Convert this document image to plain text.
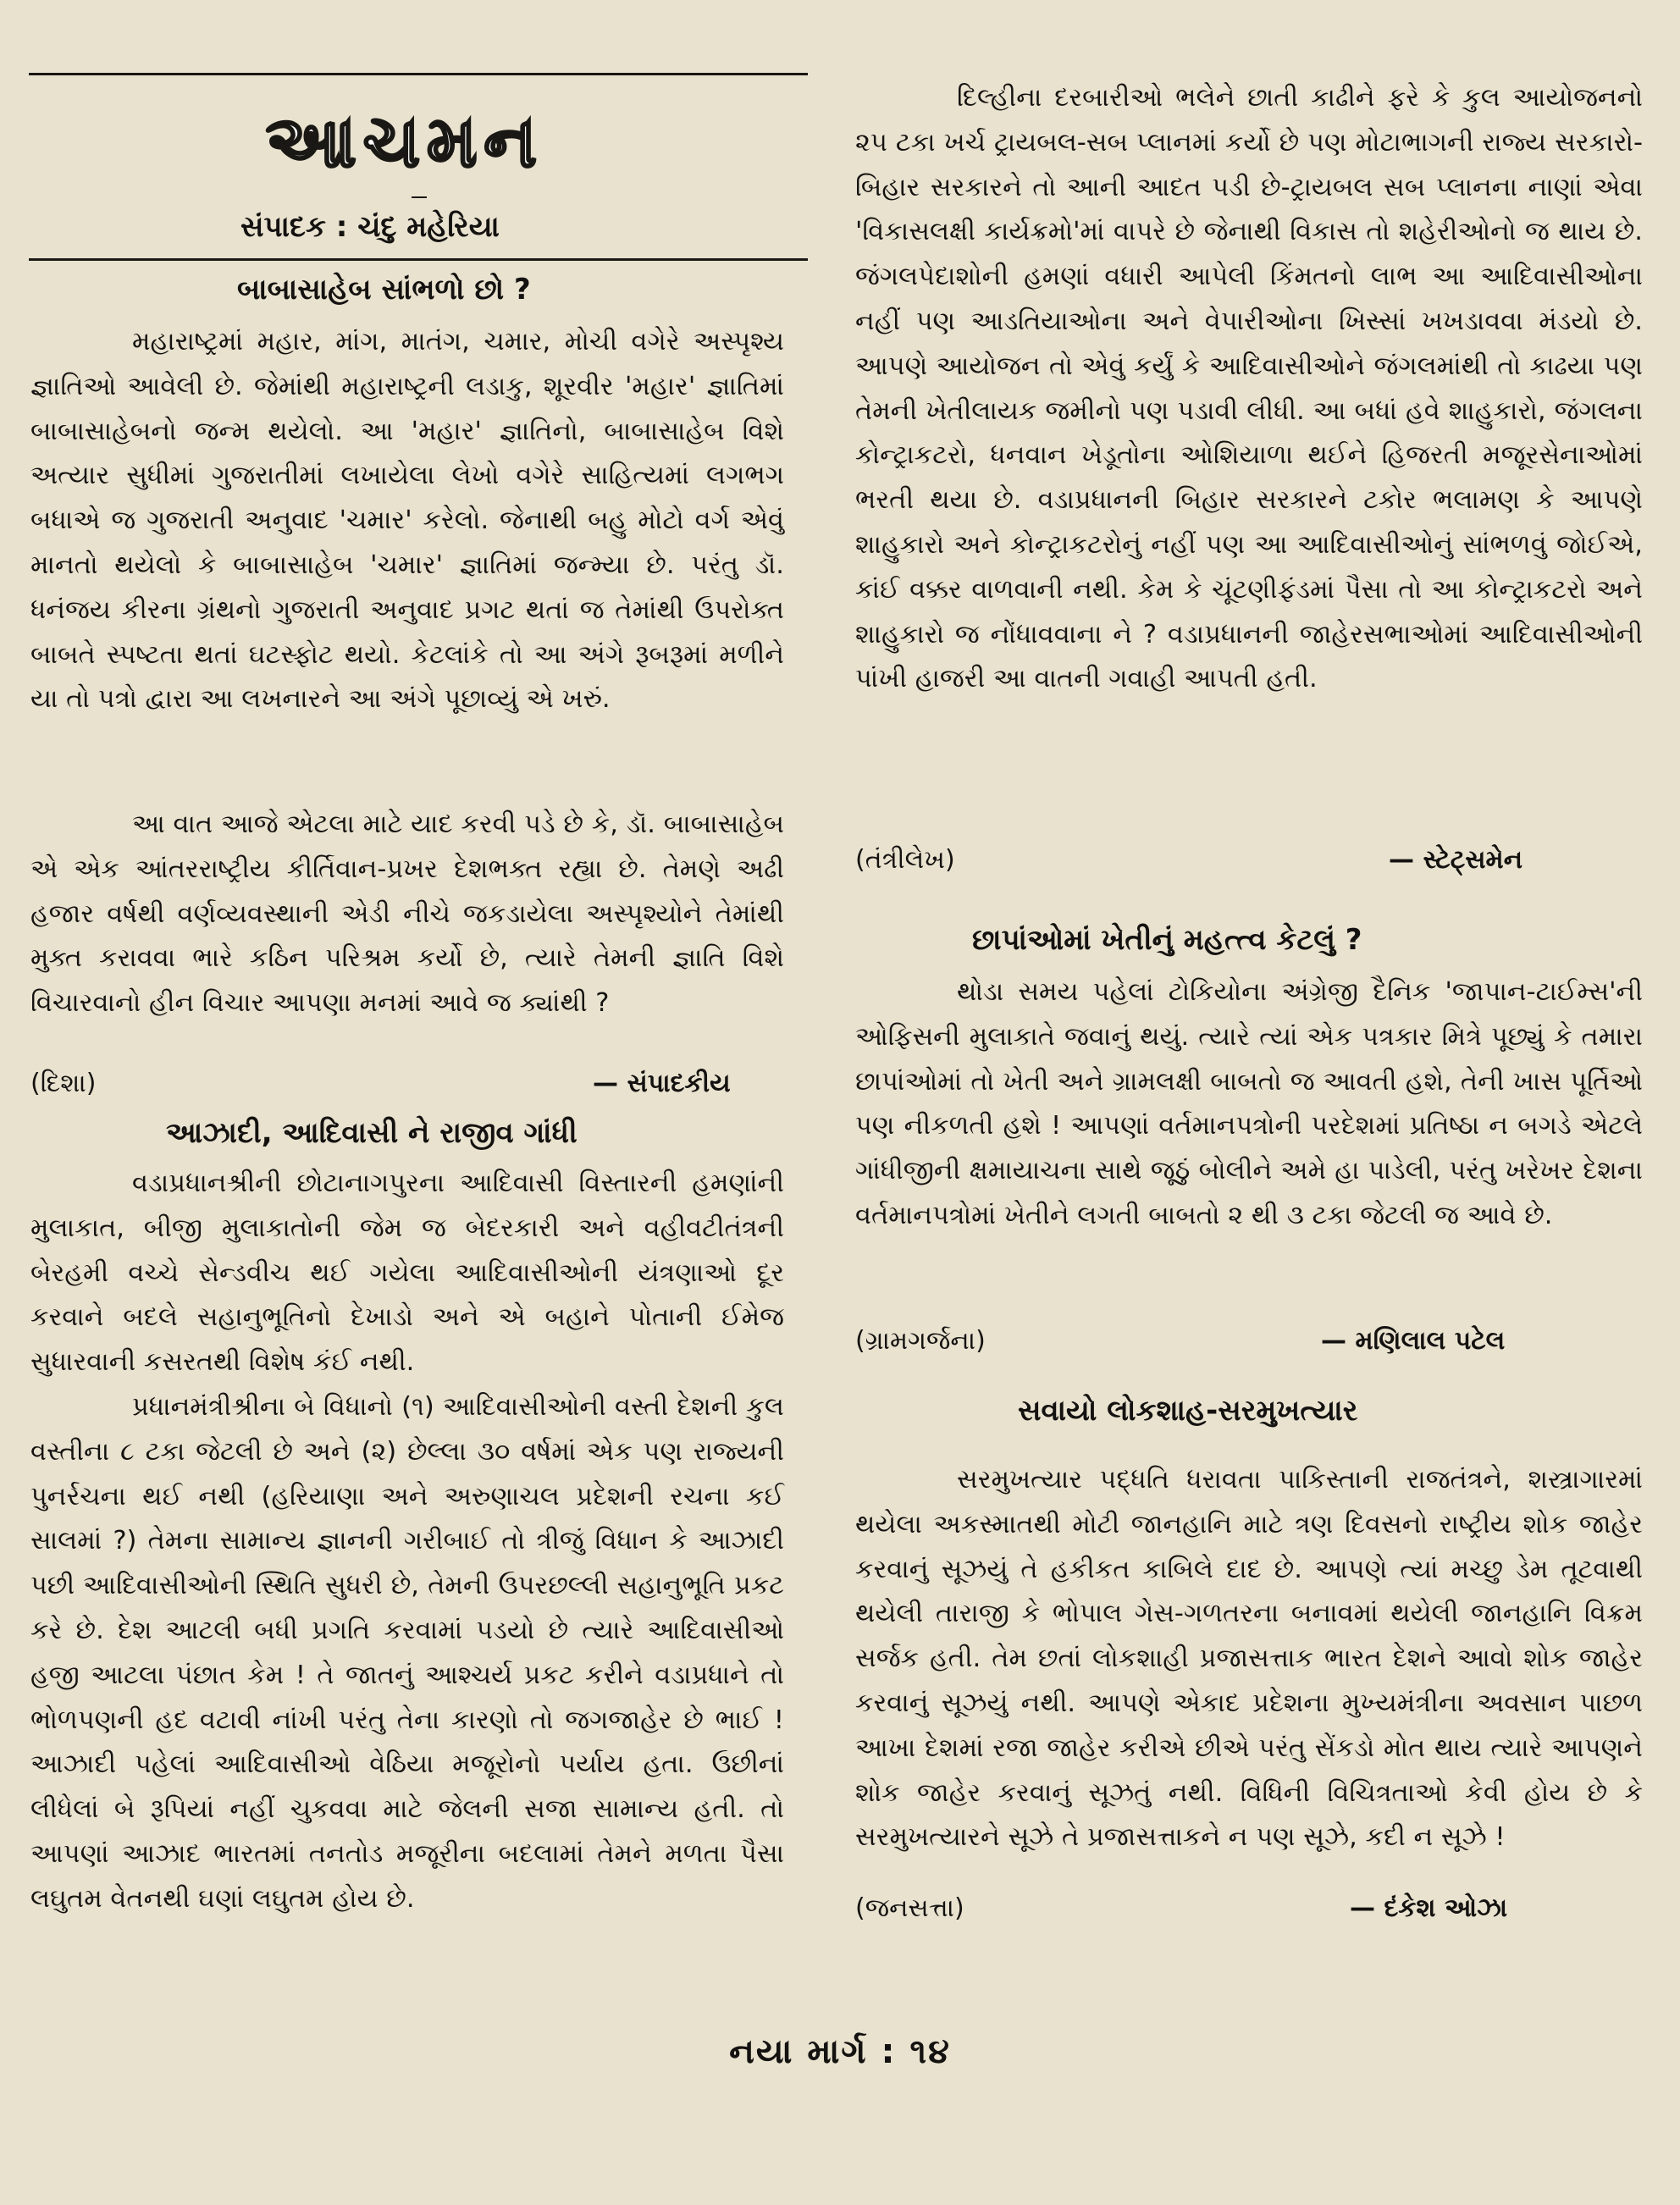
આચમન
સંપાદક : ચંદુ મહેરિયા
બાબાસાહેબ સાંભળો છો ?
મહારાષ્ટ્રમાં મહાર, માંગ, માતંગ, ચમાર, મોચી વગેરે અસ્પૃશ્ય જ્ઞાતિઓ આવેલી છે. જેમાંથી મહારાષ્ટ્રની લડાકુ, શૂરવીર 'મહાર' જ્ઞાતિમાં બાબાસાહેબનો જન્મ થયેલો. આ 'મહાર' જ્ઞાતિનો, બાબાસાહેબ વિશે અત્યાર સુધીમાં ગુજરાતીમાં લખાયેલા લેખો વગેરે સાહિત્યમાં લગભગ બધાએ જ ગુજરાતી અનુવાદ 'ચમાર' કરેલો. જેનાથી બહુ મોટો વર્ગ એવું માનતો થયેલો કે બાબાસાહેબ 'ચમાર' જ્ઞાતિમાં જન્મ્યા છે. પરંતુ ડૉ. ધનંજય કીરના ગ્રંથનો ગુજરાતી અનુવાદ પ્રગટ થતાં જ તેમાંથી ઉપરોક્ત બાબતે સ્પષ્ટતા થતાં ઘટસ્ફોટ થયો. કેટલાંકે તો આ અંગે રૂબરૂમાં મળીને યા તો પત્રો દ્વારા આ લખનારને આ અંગે પૂછાવ્યું એ ખરું.
આ વાત આજે એટલા માટે યાદ કરવી પડે છે કે, ડૉ. બાબાસાહેબ એ એક આંતરરાષ્ટ્રીય કીર્તિવાન-પ્રખર દેશભક્ત રહ્યા છે. તેમણે અઢી હજાર વર્ષથી વર્ણવ્યવસ્થાની એડી નીચે જકડાયેલા અસ્પૃશ્યોને તેમાંથી મુક્ત કરાવવા ભારે કઠિન પરિશ્રમ કર્યો છે, ત્યારે તેમની જ્ઞાતિ વિશે વિચારવાનો હીન વિચાર આપણા મનમાં આવે જ ક્યાંથી ?
(દિશા)	— સંપાદકીય
આઝાદી, આદિવાસી ને રાજીવ ગાંધી
વડાપ્રધાનશ્રીની છોટાનાગપુરના આદિવાસી વિસ્તારની હમણાંની મુલાકાત, બીજી મુલાકાતોની જેમ જ બેદરકારી અને વહીવટીતંત્રની બેરહમી વચ્ચે સેન્ડવીચ થઈ ગયેલા આદિવાસીઓની યંત્રણાઓ દૂર કરવાને બદલે સહાનુભૂતિનો દેખાડો અને એ બહાને પોતાની ઈમેજ સુધારવાની કસરતથી વિશેષ કંઈ નથી.
પ્રધાનમંત્રીશ્રીના બે વિધાનો (૧) આદિવાસીઓની વસ્તી દેશની કુલ વસ્તીના ૮ ટકા જેટલી છે અને (૨) છેલ્લા ૩૦ વર્ષમાં એક પણ રાજ્યની પુનર્રચના થઈ નથી (હરિયાણા અને અરુણાચલ પ્રદેશની રચના કઈ સાલમાં ?) તેમના સામાન્ય જ્ઞાનની ગરીબાઈ તો ત્રીજું વિધાન કે આઝાદી પછી આદિવાસીઓની સ્થિતિ સુધરી છે, તેમની ઉપરછલ્લી સહાનુભૂતિ પ્રકટ કરે છે. દેશ આટલી બધી પ્રગતિ કરવામાં પડયો છે ત્યારે આદિવાસીઓ હજી આટલા પંછાત કેમ ! તે જાતનું આશ્ચર્ય પ્રકટ કરીને વડાપ્રધાને તો ભોળપણની હદ વટાવી નાંખી પરંતુ તેના કારણો તો જગજાહેર છે ભાઈ ! આઝાદી પહેલાં આદિવાસીઓ વેઠિયા મજૂરોનો પર્યાય હતા. ઉછીનાં લીધેલાં બે રૂપિયાં નહીં ચુકવવા માટે જેલની સજા સામાન્ય હતી. તો આપણાં આઝાદ ભારતમાં તનતોડ મજૂરીના બદલામાં તેમને મળતા પૈસા લઘુતમ વેતનથી ઘણાં લઘુતમ હોય છે.
દિલ્હીના દરબારીઓ ભલેને છાતી કાઢીને ફરે કે કુલ આયોજનનો ૨૫ ટકા ખર્ચ ટ્રાયબલ-સબ પ્લાનમાં કર્યો છે પણ મોટાભાગની રાજ્ય સરકારો-બિહાર સરકારને તો આની આદત પડી છે-ટ્રાયબલ સબ પ્લાનના નાણાં એવા 'વિકાસલક્ષી કાર્યક્રમો'માં વાપરે છે જેનાથી વિકાસ તો શહેરીઓનો જ થાય છે. જંગલપેદાશોની હમણાં વધારી આપેલી કિંમતનો લાભ આ આદિવાસીઓના નહીં પણ આડતિયાઓના અને વેપારીઓના ખિસ્સાં ખખડાવવા મંડયો છે. આપણે આયોજન તો એવું કર્યું કે આદિવાસીઓને જંગલમાંથી તો કાઢયા પણ તેમની ખેતીલાયક જમીનો પણ પડાવી લીધી. આ બધાં હવે શાહુકારો, જંગલના કોન્ટ્રાકટરો, ધનવાન ખેડૂતોના ઓશિયાળા થઈને હિજરતી મજૂરસેનાઓમાં ભરતી થયા છે. વડાપ્રધાનની બિહાર સરકારને ટકોર ભલામણ કે આપણે શાહુકારો અને કોન્ટ્રાકટરોનું નહીં પણ આ આદિવાસીઓનું સાંભળવું જોઈએ, કાંઈ વક્કર વાળવાની નથી. કેમ કે ચૂંટણીફંડમાં પૈસા તો આ કોન્ટ્રાકટરો અને શાહુકારો જ નોંધાવવાના ને ? વડાપ્રધાનની જાહેરસભાઓમાં આદિવાસીઓની પાંખી હાજરી આ વાતની ગવાહી આપતી હતી.
(તંત્રીલેખ)	— સ્ટેટ્સમેન
છાપાંઓમાં ખેતીનું મહત્ત્વ કેટલું ?
થોડા સમય પહેલાં ટોકિયોના અંગ્રેજી દૈનિક 'જાપાન-ટાઈમ્સ'ની ઓફિસની મુલાકાતે જવાનું થયું. ત્યારે ત્યાં એક પત્રકાર મિત્રે પૂછ્યું કે તમારા છાપાંઓમાં તો ખેતી અને ગ્રામલક્ષી બાબતો જ આવતી હશે, તેની ખાસ પૂર્તિઓ પણ નીકળતી હશે ! આપણાં વર્તમાનપત્રોની પરદેશમાં પ્રતિષ્ઠા ન બગડે એટલે ગાંધીજીની ક્ષમાયાચના સાથે જૂઠું બોલીને અમે હા પાડેલી, પરંતુ ખરેખર દેશના વર્તમાનપત્રોમાં ખેતીને લગતી બાબતો ૨ થી ૩ ટકા જેટલી જ આવે છે.
(ગ્રામગર્જના)	— મણિલાલ પટેલ
સવાયો લોકશાહ-સરમુખત્યાર
સરમુખત્યાર પદ્ધતિ ધરાવતા પાકિસ્તાની રાજતંત્રને, શસ્ત્રાગારમાં થયેલા અકસ્માતથી મોટી જાનહાનિ માટે ત્રણ દિવસનો રાષ્ટ્રીય શોક જાહેર કરવાનું સૂઝયું તે હકીકત કાબિલે દાદ છે. આપણે ત્યાં મચ્છુ ડેમ તૂટવાથી થયેલી તારાજી કે ભોપાલ ગેસ-ગળતરના બનાવમાં થયેલી જાનહાનિ વિક્રમ સર્જક હતી. તેમ છતાં લોકશાહી પ્રજાસત્તાક ભારત દેશને આવો શોક જાહેર કરવાનું સૂઝયું નથી. આપણે એકાદ પ્રદેશના મુખ્યમંત્રીના અવસાન પાછળ આખા દેશમાં રજા જાહેર કરીએ છીએ પરંતુ સેંકડો મોત થાય ત્યારે આપણને શોક જાહેર કરવાનું સૂઝતું નથી. વિધિની વિચિત્રતાઓ કેવી હોય છે કે સરમુખત્યારને સૂઝે તે પ્રજાસત્તાકને ન પણ સૂઝે, કદી ન સૂઝે !
(જનસત્તા)	— દંકેશ ઓઝા
નયા માર્ગ : ૧૪
